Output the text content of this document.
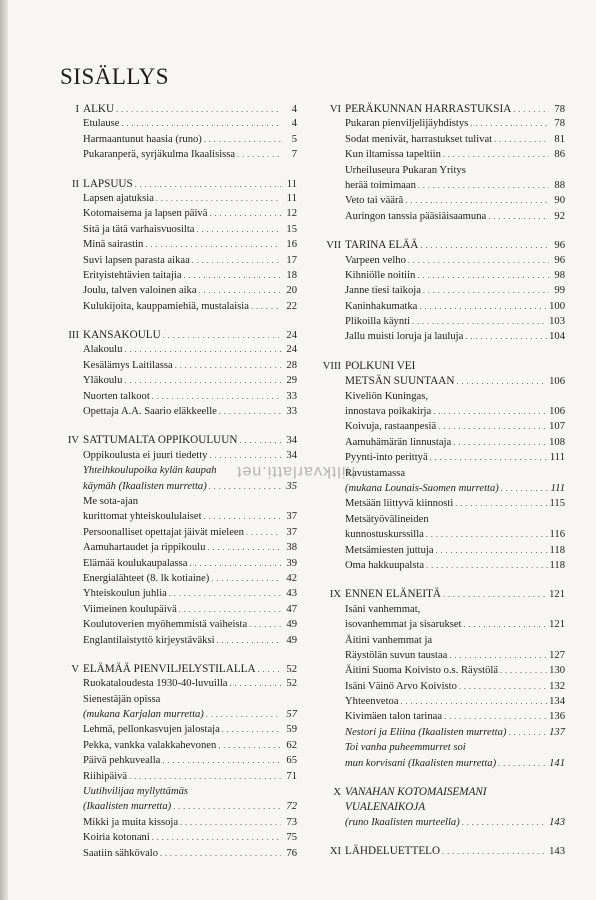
SISÄLLYS
I ALKU . . .	4
Etulause . . .	4
Harmaantunut haasia (runo) . . .	5
Pukaranperä, syrjäkulma Ikaalisissa . . .	7
II LAPSUUS . . .	11
Lapsen ajatuksia . . .	11
Kotomaisema ja lapsen päivä . . .	12
Sitä ja tätä varhaisvuosilta . . .	15
Minä sairastin . . .	16
Suvi lapsen parasta aikaa . . .	17
Erityistehtävien taitajia . . .	18
Joulu, talven valoinen aika . . .	20
Kulukijoita, kauppamiehiä, mustalaisia . . .	22
III KANSAKOULU . . .	24
Alakoulu . . .	24
Kesälämys Laitilassa . . .	28
Yläkoulu . . .	29
Nuorten talkoot . . .	33
Opettaja A.A. Saario eläkkeelle . . .	33
IV SATTUMALTA OPPIKOULUUN . . .	34
Oppikoulusta ei juuri tiedetty . . .	34
Yhteihkoulupoika kylän kaupah
käymäh (Ikaalisten murretta) . . .	35
Me sota-ajan
kurittomat yhteiskoululaiset . . .	37
Persoonalliset opettajat jäivät mieleen . . .	37
Aamuhartaudet ja rippikoulu . . .	38
Elämää koulukaupalassa . . .	39
Energialähteet (8. lk kotiaine) . . .	42
Yhteiskoulun juhlia . . .	43
Viimeinen koulupäivä . . .	47
Koulutoverien myöhemmistä vaiheista . . .	49
Englantilaistyttö kirjeystäväksi . . .	49
V ELÄMÄÄ PIENVILJELYSTILALLA . . .	52
Ruokataloudesta 1930-40-luvuilla . . .	52
Sienestäjän opissa
(mukana Karjalan murretta) . . .	57
Lehmä, pellonkasvujen jalostaja . . .	59
Pekka, vankka valakkahevonen . . .	62
Päivä pehkuvealla . . .	65
Riihipäivä . . .	71
Uutihvilijaa myllyttämäs
(Ikaalisten murretta) . . .	72
Mikki ja muita kissoja . . .	73
Koiria kotonani . . .	75
Saatiin sähkövalo . . .	76
VI PERÄKUNNAN HARRASTUKSIA . . .	78
Pukaran pienviljelijäyhdistys . . .	78
Sodat menivät, harrastukset tulivat . . .	81
Kun iltamissa tapeltiin . . .	86
Urheiluseura Pukaran Yritys
herää toimimaan . . .	88
Veto tai vääră . . .	90
Auringon tanssia pääsiäisaamuna . . .	92
VII TARINA ELÄÄ . . .	96
Varpeen velho . . .	96
Kihniölle noitiin . . .	98
Janne tiesi taikoja . . .	99
Kaninhakumatka . . .	100
Plikoilla käynti . . .	103
Jallu muisti loruja ja lauluja . . .	104
VIII POLKUNI VEI
METSÄN SUUNTAAN . . .	106
Kiveliön Kuningas,
innostava poikakirja . . .	106
Koivuja, rastaanpesiä . . .	107
Aamuhämärän linnustaja . . .	108
Pyynti-into perittyä . . .	111
Ravustamassa
(mukana Lounais-Suomen murretta) . . .	111
Metsään liittyvä kiinnosti . . .	115
Metsätyövälineiden
kunnostuskurssilla . . .	116
Metsämiesten juttuja . . .	118
Oma hakkuupalsta . . .	118
IX ENNEN ELÄNEITÄ . . .	121
Isäni vanhemmat,
isovanhemmat ja sisarukset . . .	121
Äitini vanhemmat ja
Räystölän suvun taustaa . . .	127
Äitini Suoma Koivisto o.s. Räystölä . . .	130
Isäni Väinö Arvo Koivisto . . .	132
Yhteenvetoa . . .	134
Kivimäen talon tarinaa . . .	136
Nestori ja Eliina (Ikaalisten murretta) . . .	137
Toi vanha puheemmurret soi
mun korvisani (Ikaalisten murretta) . . .	141
X VANAHAN KOTOMAISEMANI
VUALENAIKOJA
(runo Ikaalisten murteella) . . .	143
XI LÄHDELUETTELO . . .	143
hiltkvarlatti.net
